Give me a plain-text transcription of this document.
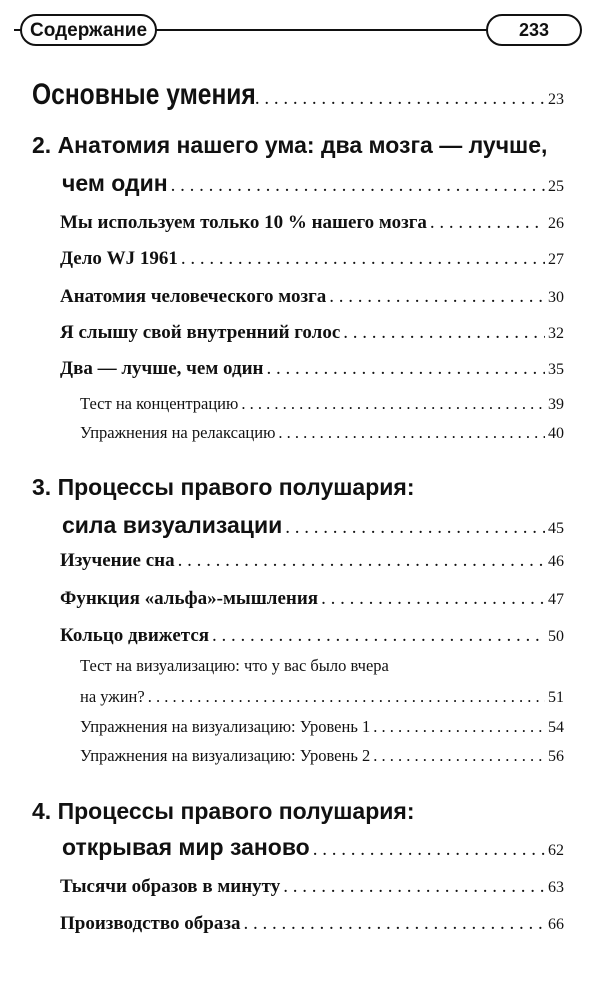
Содержание	233
Основные умения . . .	23
2. Анатомия нашего ума: два мозга — лучше,
чем один . . .	25
Мы используем только 10 % нашего мозга . . .	26
Дело WJ 1961 . . .	27
Анатомия человеческого мозга . . .	30
Я слышу свой внутренний голос . . .	32
Два — лучше, чем один . . .	35
Тест на концентрацию . . .	39
Упражнения на релаксацию . . .	40
3. Процессы правого полушария:
сила визуализации . . .	45
Изучение сна . . .	46
Функция «альфа»-мышления . . .	47
Кольцо движется . . .	50
Тест на визуализацию: что у вас было вчера
на ужин? . . .	51
Упражнения на визуализацию: Уровень 1 . . .	54
Упражнения на визуализацию: Уровень 2 . . .	56
4. Процессы правого полушария:
открывая мир заново . . .	62
Тысячи образов в минуту . . .	63
Производство образа . . .	66
